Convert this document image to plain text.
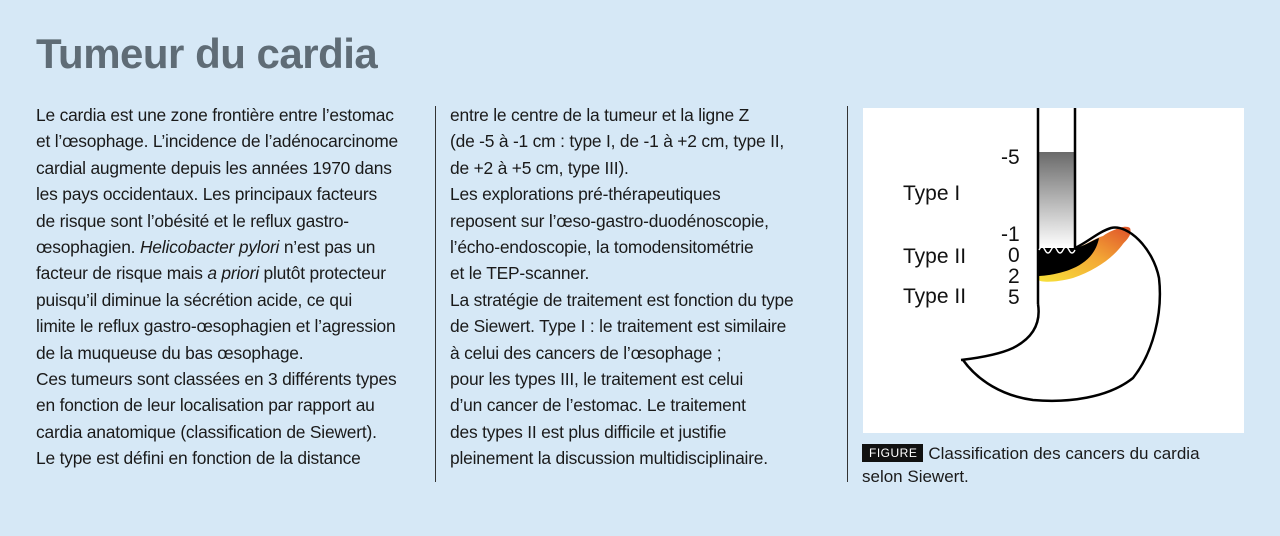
Tumeur du cardia

Le cardia est une zone frontière entre l’estomac

et l’œsophage. L’incidence de l’adénocarcinome

cardial augmente depuis les années 1970 dans

les pays occidentaux. Les principaux facteurs

de risque sont l’obésité et le reflux gastro-

œsophagien. Helicobacter pylori n’est pas un

facteur de risque mais a priori plutôt protecteur

puisqu’il diminue la sécrétion acide, ce qui

limite le reflux gastro-œsophagien et l’agression

de la muqueuse du bas œsophage.

Ces tumeurs sont classées en 3 différents types

en fonction de leur localisation par rapport au

cardia anatomique (classification de Siewert).

Le type est défini en fonction de la distance

entre le centre de la tumeur et la ligne Z

(de -5 à -1 cm : type I, de -1 à +2 cm, type II,

de +2 à +5 cm, type III).

Les explorations pré-thérapeutiques

reposent sur l’œso-gastro-duodénoscopie,

l’écho-endoscopie, la tomodensitométrie

et le TEP-scanner.

La stratégie de traitement est fonction du type

de Siewert. Type I : le traitement est similaire

à celui des cancers de l’œsophage ;

pour les types III, le traitement est celui

d’un cancer de l’estomac. Le traitement

des types II est plus difficile et justifie

pleinement la discussion multidisciplinaire.

Type I
Type II
Type II
-5
-1
0
2
5
FIGURE Classification des cancers du cardia selon Siewert.
